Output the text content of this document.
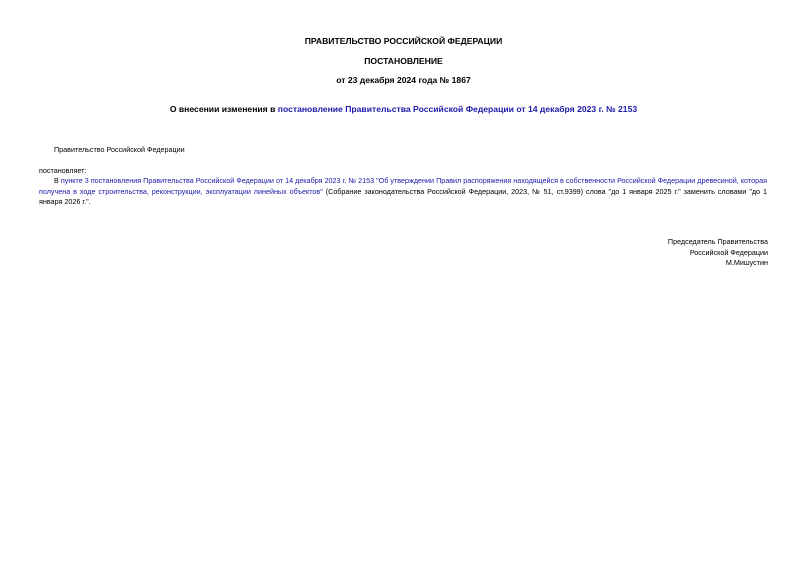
ПРАВИТЕЛЬСТВО РОССИЙСКОЙ ФЕДЕРАЦИИ
ПОСТАНОВЛЕНИЕ
от 23 декабря 2024 года № 1867
О внесении изменения в постановление Правительства Российской Федерации от 14 декабря 2023 г. № 2153
Правительство Российской Федерации
постановляет:
В пункте 3 постановления Правительства Российской Федерации от 14 декабря 2023 г. № 2153 "Об утверждении Правил распоряжения находящейся в собственности Российской Федерации древесиной, которая получена в ходе строительства, реконструкции, эксплуатации линейных объектов" (Собрание законодательства Российской Федерации, 2023, № 51, ст.9399) слова "до 1 января 2025 г." заменить словами "до 1 января 2026 г.".
Председатель Правительства
Российской Федерации
М.Мишустин
